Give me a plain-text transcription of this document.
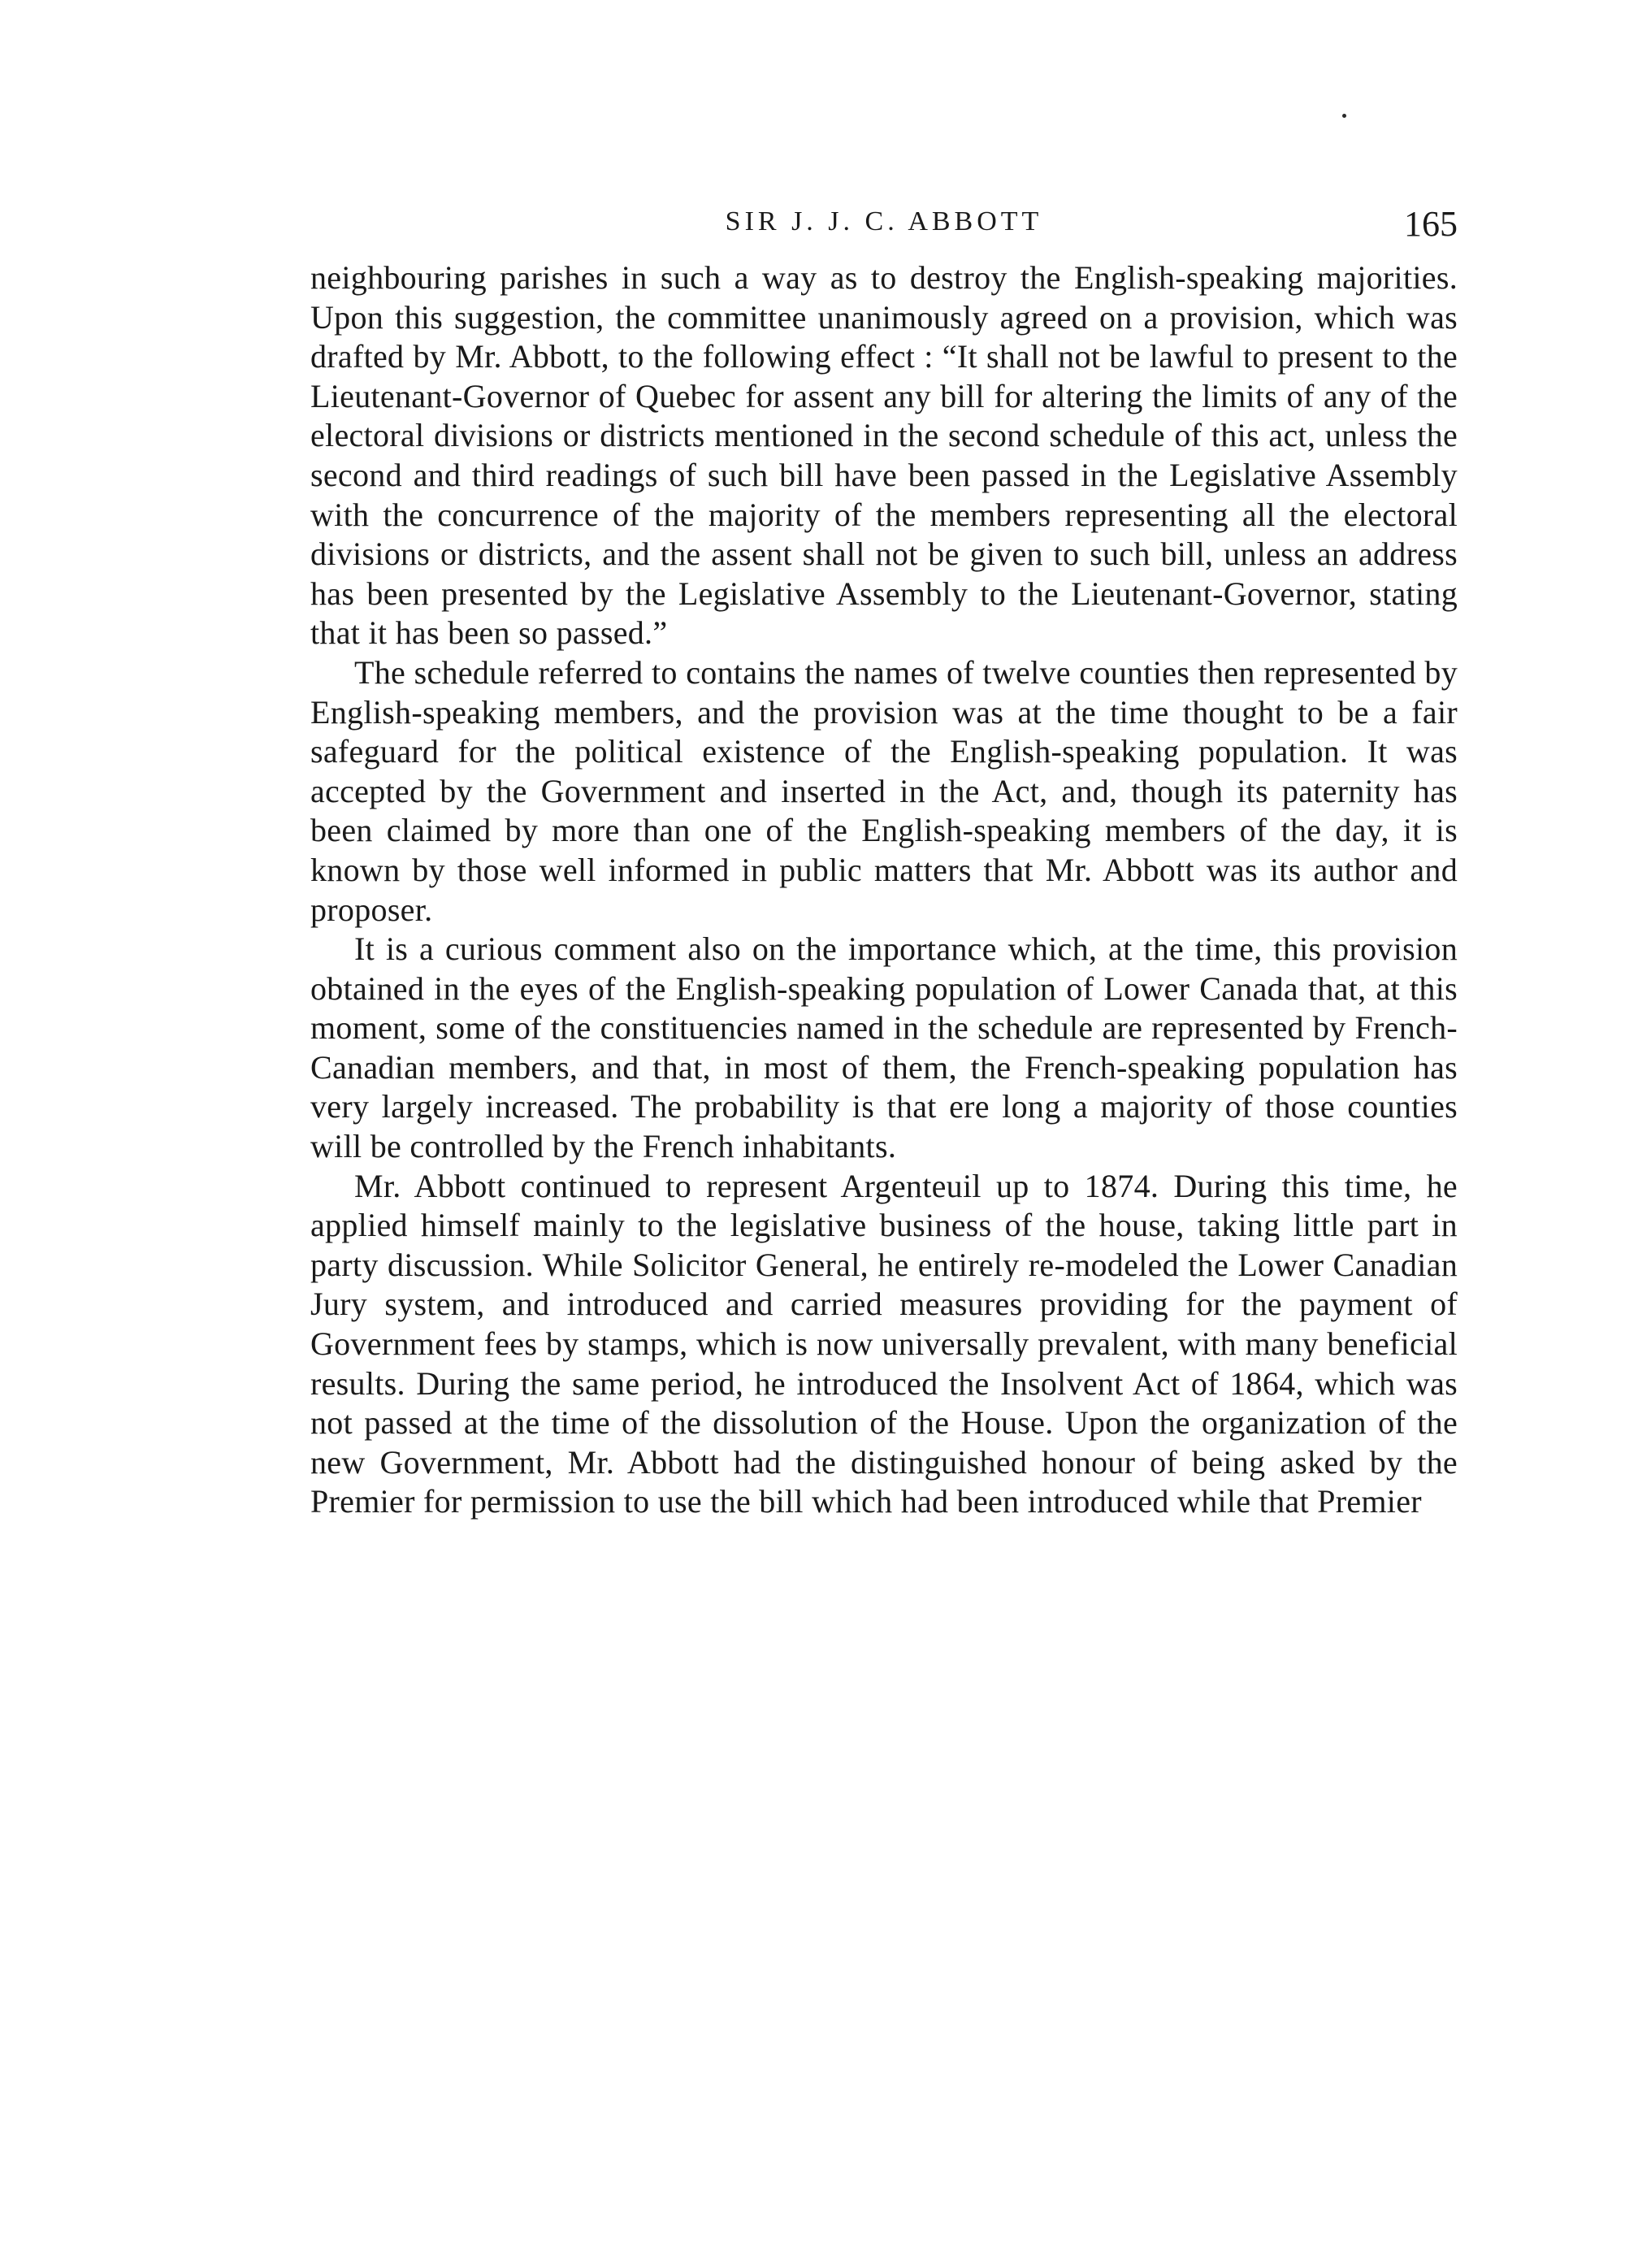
SIR J. J. C. ABBOTT	165

neighbouring parishes in such a way as to destroy the English-speaking majorities. Upon this suggestion, the committee unanimously agreed on a provision, which was drafted by Mr. Abbott, to the following effect : “It shall not be lawful to present to the Lieutenant-Governor of Quebec for assent any bill for altering the limits of any of the electoral divisions or districts mentioned in the second schedule of this act, unless the second and third readings of such bill have been passed in the Legislative Assembly with the concurrence of the majority of the members representing all the electoral divisions or districts, and the assent shall not be given to such bill, unless an address has been presented by the Legislative Assembly to the Lieutenant-Governor, stating that it has been so passed.”

The schedule referred to contains the names of twelve counties then represented by English-speaking members, and the provision was at the time thought to be a fair safeguard for the political existence of the English-speaking population. It was accepted by the Government and inserted in the Act, and, though its paternity has been claimed by more than one of the English-speaking members of the day, it is known by those well informed in public matters that Mr. Abbott was its author and proposer.

It is a curious comment also on the importance which, at the time, this provision obtained in the eyes of the English-speaking population of Lower Canada that, at this moment, some of the constituencies named in the schedule are represented by French-Canadian members, and that, in most of them, the French-speaking population has very largely increased. The probability is that ere long a majority of those counties will be controlled by the French inhabitants.

Mr. Abbott continued to represent Argenteuil up to 1874. During this time, he applied himself mainly to the legislative business of the house, taking little part in party discussion. While Solicitor General, he entirely re-modeled the Lower Canadian Jury system, and introduced and carried measures providing for the payment of Government fees by stamps, which is now universally prevalent, with many beneficial results. During the same period, he introduced the Insolvent Act of 1864, which was not passed at the time of the dissolution of the House. Upon the organization of the new Government, Mr. Abbott had the distinguished honour of being asked by the Premier for permission to use the bill which had been introduced while that Premier
